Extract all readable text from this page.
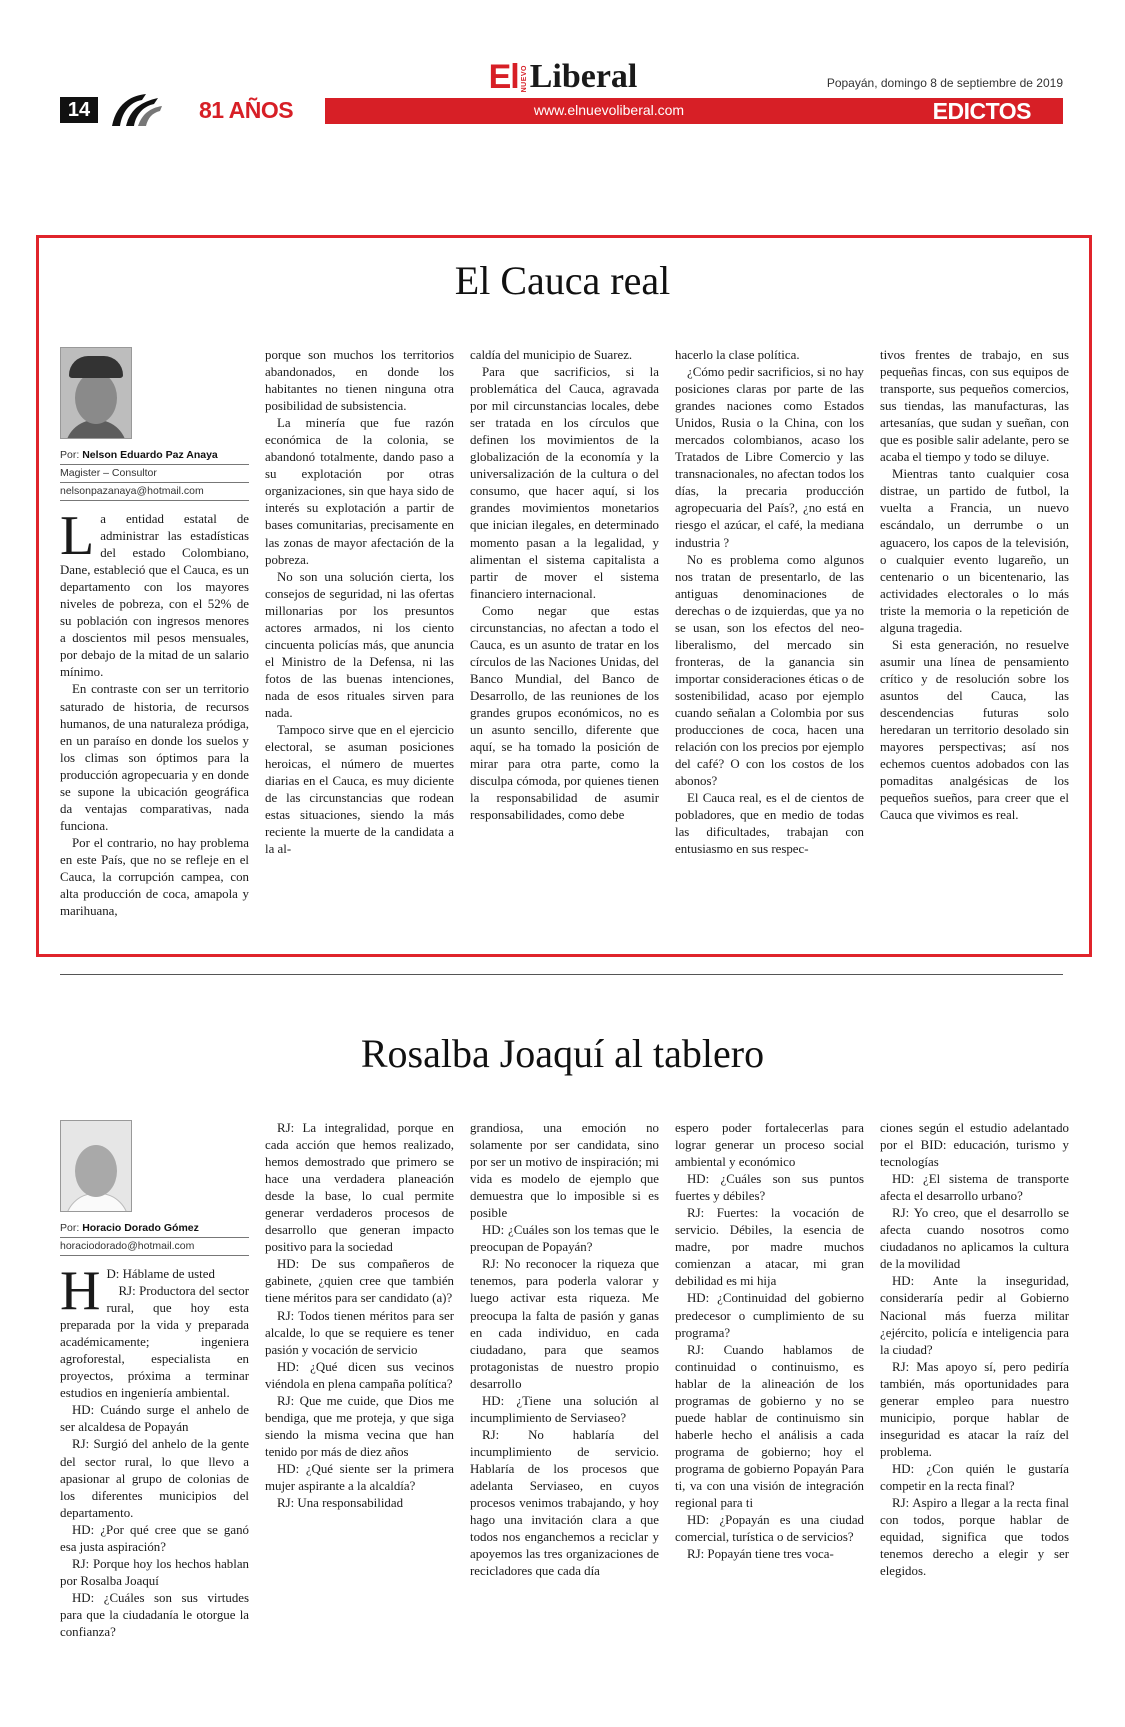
El NUEVO Liberal	Popayán, domingo 8 de septiembre de 2019
14	81 AÑOS	www.elnuevoliberal.com	EDICTOS
El Cauca real
Por: Nelson Eduardo Paz Anaya
Magister – Consultor
nelsonpazanaya@hotmail.com

La entidad estatal de administrar las estadísticas del estado Colombiano, Dane, estableció que el Cauca, es un departamento con los mayores niveles de pobreza, con el 52% de su población con ingresos menores a doscientos mil pesos mensuales, por debajo de la mitad de un salario mínimo.

En contraste con ser un territorio saturado de historia, de recursos humanos, de una naturaleza pródiga, en un paraíso en donde los suelos y los climas son óptimos para la producción agropecuaria y en donde se supone la ubicación geográfica da ventajas comparativas, nada funciona.

Por el contrario, no hay problema en este País, que no se refleje en el Cauca, la corrupción campea, con alta producción de coca, amapola y marihuana,

porque son muchos los territorios abandonados, en donde los habitantes no tienen ninguna otra posibilidad de subsistencia.

La minería que fue razón económica de la colonia, se abandonó totalmente, dando paso a su explotación por otras organizaciones, sin que haya sido de interés su explotación a partir de bases comunitarias, precisamente en las zonas de mayor afectación de la pobreza.

No son una solución cierta, los consejos de seguridad, ni las ofertas millonarias por los presuntos actores armados, ni los ciento cincuenta policías más, que anuncia el Ministro de la Defensa, ni las fotos de las buenas intenciones, nada de esos rituales sirven para nada.

Tampoco sirve que en el ejercicio electoral, se asuman posiciones heroicas, el número de muertes diarias en el Cauca, es muy diciente de las circunstancias que rodean estas situaciones, siendo la más reciente la muerte de la candidata a la al-

caldía del municipio de Suarez.

Para que sacrificios, si la problemática del Cauca, agravada por mil circunstancias locales, debe ser tratada en los círculos que definen los movimientos de la globalización de la economía y la universalización de la cultura o del consumo, que hacer aquí, si los grandes movimientos monetarios que inician ilegales, en determinado momento pasan a la legalidad, y alimentan el sistema capitalista a partir de mover el sistema financiero internacional.

Como negar que estas circunstancias, no afectan a todo el Cauca, es un asunto de tratar en los círculos de las Naciones Unidas, del Banco Mundial, del Banco de Desarrollo, de las reuniones de los grandes grupos económicos, no es un asunto sencillo, diferente que aquí, se ha tomado la posición de mirar para otra parte, como la disculpa cómoda, por quienes tienen la responsabilidad de asumir responsabilidades, como debe

hacerlo la clase política.

¿Cómo pedir sacrificios, si no hay posiciones claras por parte de las grandes naciones como Estados Unidos, Rusia o la China, con los mercados colombianos, acaso los Tratados de Libre Comercio y las transnacionales, no afectan todos los días, la precaria producción agropecuaria del País?, ¿no está en riesgo el azúcar, el café, la mediana industria ?

No es problema como algunos nos tratan de presentarlo, de las antiguas denominaciones de derechas o de izquierdas, que ya no se usan, son los efectos del neo-liberalismo, del mercado sin fronteras, de la ganancia sin importar consideraciones éticas o de sostenibilidad, acaso por ejemplo cuando señalan a Colombia por sus producciones de coca, hacen una relación con los precios por ejemplo del café? O con los costos de los abonos?

El Cauca real, es el de cientos de pobladores, que en medio de todas las dificultades, trabajan con entusiasmo en sus respec-

tivos frentes de trabajo, en sus pequeñas fincas, con sus equipos de transporte, sus pequeños comercios, sus tiendas, las manufacturas, las artesanías, que sudan y sueñan, con que es posible salir adelante, pero se acaba el tiempo y todo se diluye.

Mientras tanto cualquier cosa distrae, un partido de futbol, la vuelta a Francia, un nuevo escándalo, un derrumbe o un aguacero, los capos de la televisión, o cualquier evento lugareño, un centenario o un bicentenario, las actividades electorales o lo más triste la memoria o la repetición de alguna tragedia.

Si esta generación, no resuelve asumir una línea de pensamiento crítico y de resolución sobre los asuntos del Cauca, las descendencias futuras solo heredaran un territorio desolado sin mayores perspectivas; así nos echemos cuentos adobados con las pomaditas analgésicas de los pequeños sueños, para creer que el Cauca que vivimos es real.

Rosalba Joaquí al tablero
Por: Horacio Dorado Gómez
horaciodorado@hotmail.com

HD: Háblame de usted

RJ: Productora del sector rural, que hoy esta preparada por la vida y preparada académicamente; ingeniera agroforestal, especialista en proyectos, próxima a terminar estudios en ingeniería ambiental.

HD: Cuándo surge el anhelo de ser alcaldesa de Popayán

RJ: Surgió del anhelo de la gente del sector rural, lo que llevo a apasionar al grupo de colonias de los diferentes municipios del departamento.

HD: ¿Por qué cree que se ganó esa justa aspiración?

RJ: Porque hoy los hechos hablan por Rosalba Joaquí

HD: ¿Cuáles son sus virtudes para que la ciudadanía le otorgue la confianza?

RJ: La integralidad, porque en cada acción que hemos realizado, hemos demostrado que primero se hace una verdadera planeación desde la base, lo cual permite generar verdaderos procesos de desarrollo que generan impacto positivo para la sociedad

HD: De sus compañeros de gabinete, ¿quien cree que también tiene méritos para ser candidato (a)?

RJ: Todos tienen méritos para ser alcalde, lo que se requiere es tener pasión y vocación de servicio

HD: ¿Qué dicen sus vecinos viéndola en plena campaña política?

RJ: Que me cuide, que Dios me bendiga, que me proteja, y que siga siendo la misma vecina que han tenido por más de diez años

HD: ¿Qué siente ser la primera mujer aspirante a la alcaldía?

RJ: Una responsabilidad

grandiosa, una emoción no solamente por ser candidata, sino por ser un motivo de inspiración; mi vida es modelo de ejemplo que demuestra que lo imposible si es posible

HD: ¿Cuáles son los temas que le preocupan de Popayán?

RJ: No reconocer la riqueza que tenemos, para poderla valorar y luego activar esta riqueza. Me preocupa la falta de pasión y ganas en cada individuo, en cada ciudadano, para que seamos protagonistas de nuestro propio desarrollo

HD: ¿Tiene una solución al incumplimiento de Serviaseo?

RJ: No hablaría del incumplimiento de servicio. Hablaría de los procesos que adelanta Serviaseo, en cuyos procesos venimos trabajando, y hoy hago una invitación clara a que todos nos enganchemos a reciclar y apoyemos las tres organizaciones de recicladores que cada día

espero poder fortalecerlas para lograr generar un proceso social ambiental y económico

HD: ¿Cuáles son sus puntos fuertes y débiles?

RJ: Fuertes: la vocación de servicio. Débiles, la esencia de madre, por madre muchos comienzan a atacar, mi gran debilidad es mi hija

HD: ¿Continuidad del gobierno predecesor o cumplimiento de su programa?

RJ: Cuando hablamos de continuidad o continuismo, es hablar de la alineación de los programas de gobierno y no se puede hablar de continuismo sin haberle hecho el análisis a cada programa de gobierno; hoy el programa de gobierno Popayán Para ti, va con una visión de integración regional para ti

HD: ¿Popayán es una ciudad comercial, turística o de servicios?

RJ: Popayán tiene tres voca-

ciones según el estudio adelantado por el BID: educación, turismo y tecnologías

HD: ¿El sistema de transporte afecta el desarrollo urbano?

RJ: Yo creo, que el desarrollo se afecta cuando nosotros como ciudadanos no aplicamos la cultura de la movilidad

HD: Ante la inseguridad, consideraría pedir al Gobierno Nacional más fuerza militar ¿ejército, policía e inteligencia para la ciudad?

RJ: Mas apoyo sí, pero pediría también, más oportunidades para generar empleo para nuestro municipio, porque hablar de inseguridad es atacar la raíz del problema.

HD: ¿Con quién le gustaría competir en la recta final?

RJ: Aspiro a llegar a la recta final con todos, porque hablar de equidad, significa que todos tenemos derecho a elegir y ser elegidos.
